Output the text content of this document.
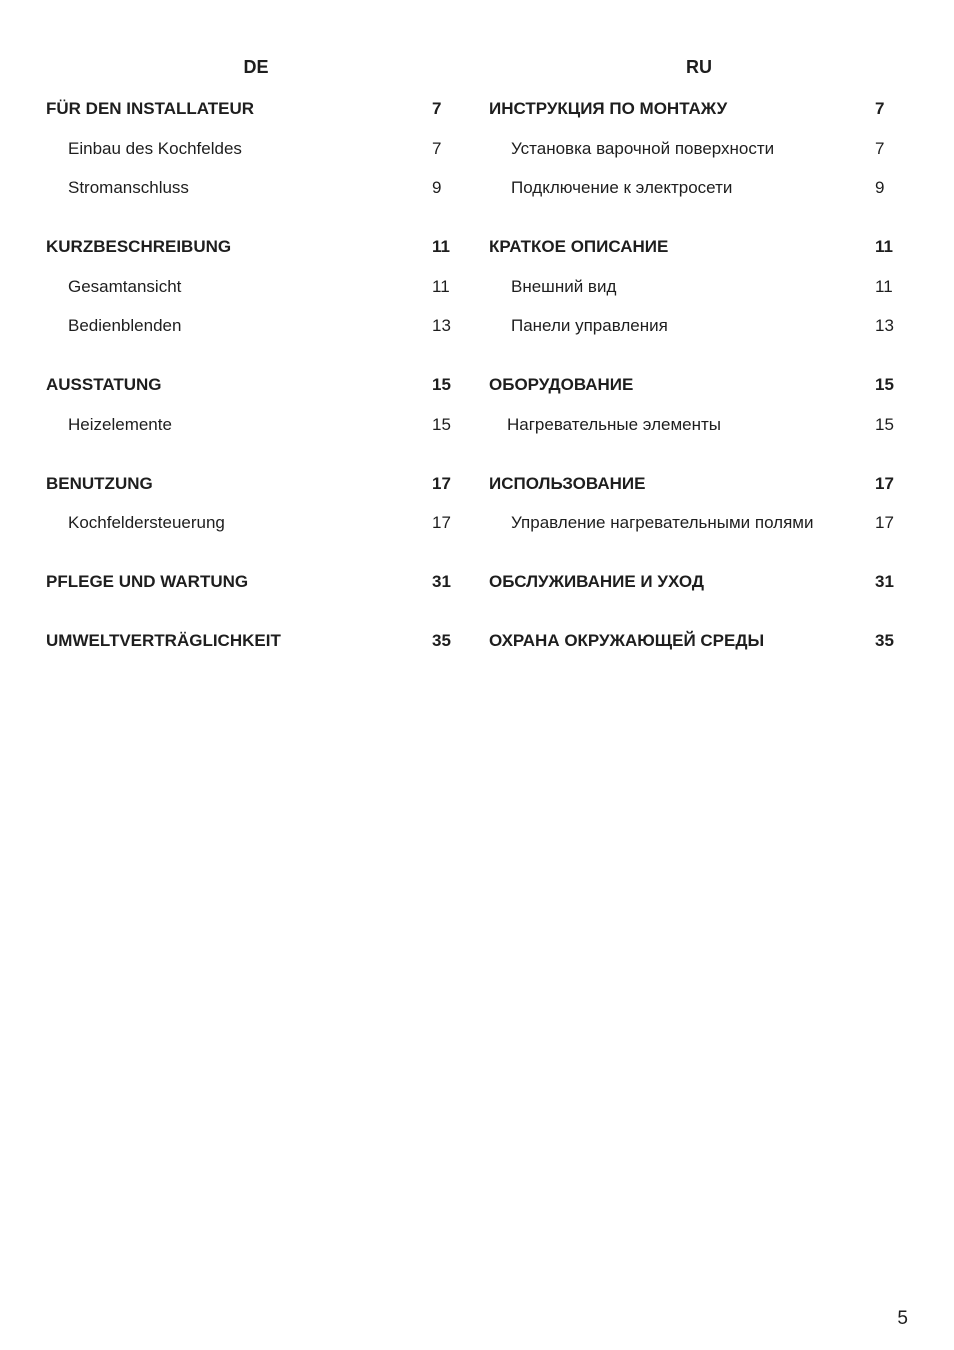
DE
FÜR DEN INSTALLATEUR	7
Einbau des Kochfeldes	7
Stromanschluss	9
KURZBESCHREIBUNG	11
Gesamtansicht	11
Bedienblenden	13
AUSSTATUNG	15
Heizelemente	15
BENUTZUNG	17
Kochfeldersteuerung	17
PFLEGE UND WARTUNG	31
UMWELTVERTRÄGLICHKEIT	35
RU
ИНСТРУКЦИЯ ПО МОНТАЖУ	7
Установка варочной поверхности	7
Подключение к электросети	9
КРАТКОЕ ОПИСАНИЕ	11
Внешний вид	11
Панели управления	13
ОБОРУДОВАНИЕ	15
Нагревательные элементы	15
ИСПОЛЬЗОВАНИЕ	17
Управление нагревательными полями	17
ОБСЛУЖИВАНИЕ И УХОД	31
ОХРАНА ОКРУЖАЮЩЕЙ СРЕДЫ	35
5
